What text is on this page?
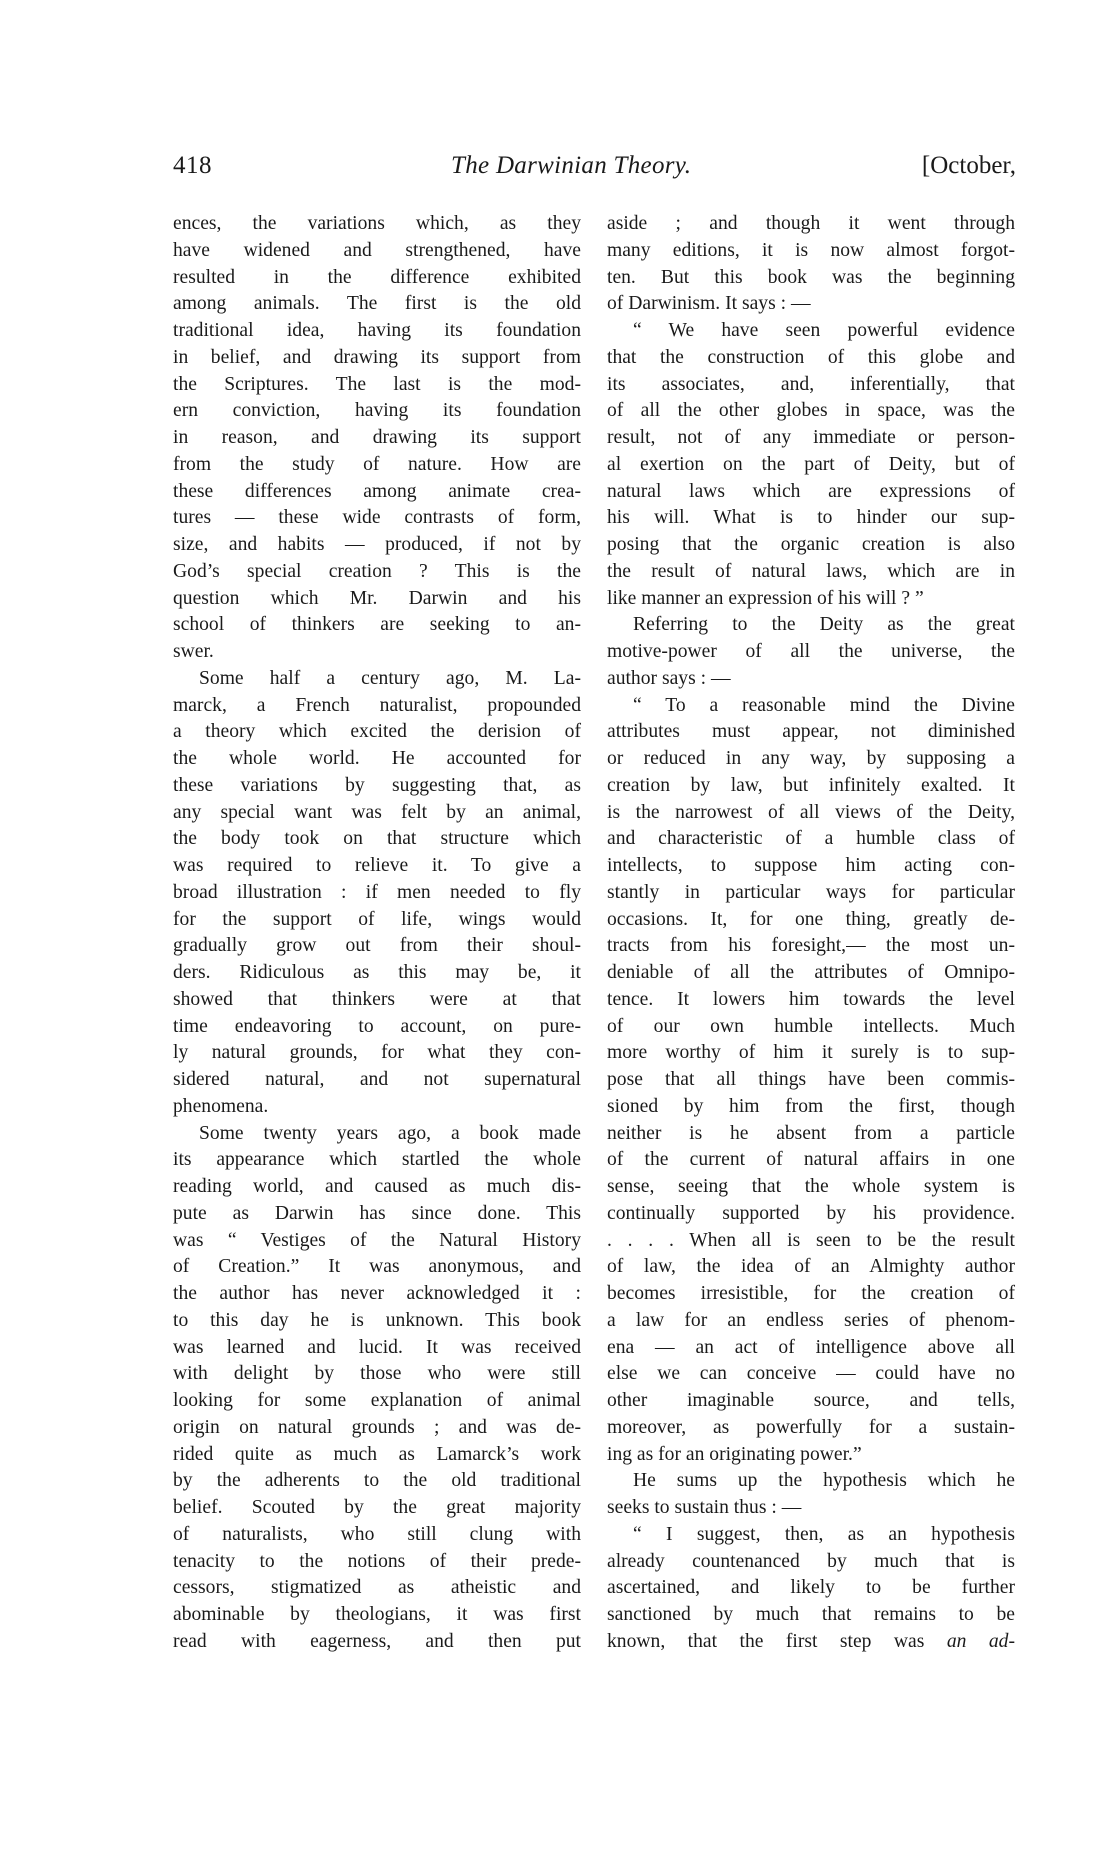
418	The Darwinian Theory.	[October,
ences, the variations which, as they
have widened and strengthened, have
resulted in the difference exhibited
among animals. The first is the old
traditional idea, having its foundation
in belief, and drawing its support from
the Scriptures. The last is the mod-
ern conviction, having its foundation
in reason, and drawing its support
from the study of nature. How are
these differences among animate crea-
tures — these wide contrasts of form,
size, and habits — produced, if not by
God’s special creation ? This is the
question which Mr. Darwin and his
school of thinkers are seeking to an-
swer.
Some half a century ago, M. La-
marck, a French naturalist, propounded
a theory which excited the derision of
the whole world. He accounted for
these variations by suggesting that, as
any special want was felt by an animal,
the body took on that structure which
was required to relieve it. To give a
broad illustration : if men needed to fly
for the support of life, wings would
gradually grow out from their shoul-
ders. Ridiculous as this may be, it
showed that thinkers were at that
time endeavoring to account, on pure-
ly natural grounds, for what they con-
sidered natural, and not supernatural
phenomena.
Some twenty years ago, a book made
its appearance which startled the whole
reading world, and caused as much dis-
pute as Darwin has since done. This
was “ Vestiges of the Natural History
of Creation.” It was anonymous, and
the author has never acknowledged it :
to this day he is unknown. This book
was learned and lucid. It was received
with delight by those who were still
looking for some explanation of animal
origin on natural grounds ; and was de-
rided quite as much as Lamarck’s work
by the adherents to the old traditional
belief. Scouted by the great majority
of naturalists, who still clung with
tenacity to the notions of their prede-
cessors, stigmatized as atheistic and
abominable by theologians, it was first
read with eagerness, and then put
aside ; and though it went through
many editions, it is now almost forgot-
ten. But this book was the beginning
of Darwinism. It says : —
“ We have seen powerful evidence
that the construction of this globe and
its associates, and, inferentially, that
of all the other globes in space, was the
result, not of any immediate or person-
al exertion on the part of Deity, but of
natural laws which are expressions of
his will. What is to hinder our sup-
posing that the organic creation is also
the result of natural laws, which are in
like manner an expression of his will ? ”
Referring to the Deity as the great
motive-power of all the universe, the
author says : —
“ To a reasonable mind the Divine
attributes must appear, not diminished
or reduced in any way, by supposing a
creation by law, but infinitely exalted. It
is the narrowest of all views of the Deity,
and characteristic of a humble class of
intellects, to suppose him acting con-
stantly in particular ways for particular
occasions. It, for one thing, greatly de-
tracts from his foresight,— the most un-
deniable of all the attributes of Omnipo-
tence. It lowers him towards the level
of our own humble intellects. Much
more worthy of him it surely is to sup-
pose that all things have been commis-
sioned by him from the first, though
neither is he absent from a particle
of the current of natural affairs in one
sense, seeing that the whole system is
continually supported by his providence.
. . . . When all is seen to be the result
of law, the idea of an Almighty author
becomes irresistible, for the creation of
a law for an endless series of phenom-
ena — an act of intelligence above all
else we can conceive — could have no
other imaginable source, and tells,
moreover, as powerfully for a sustain-
ing as for an originating power.”
He sums up the hypothesis which he
seeks to sustain thus : —
“ I suggest, then, as an hypothesis
already countenanced by much that is
ascertained, and likely to be further
sanctioned by much that remains to be
known, that the first step was an ad-
